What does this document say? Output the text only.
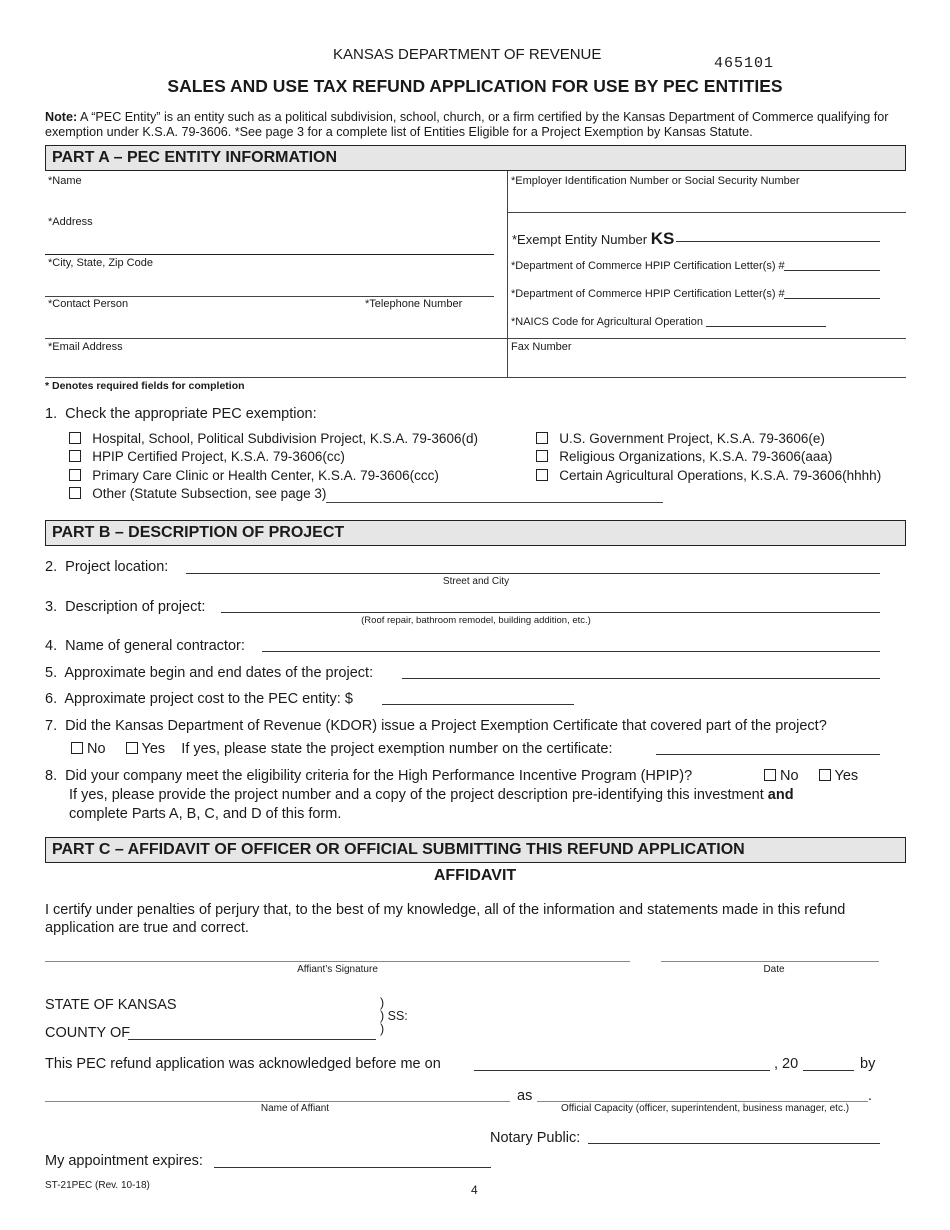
KANSAS DEPARTMENT OF REVENUE
465101
SALES AND USE TAX REFUND APPLICATION FOR USE BY PEC ENTITIES
Note: A “PEC Entity” is an entity such as a political subdivision, school, church, or a firm certified by the Kansas Department of Commerce qualifying for exemption under K.S.A. 79-3606. *See page 3 for a complete list of Entities Eligible for a Project Exemption by Kansas Statute.
PART A – PEC ENTITY INFORMATION
*Name	*Employer Identification Number or Social Security Number
*Address
*Exempt Entity Number KS
*City, State, Zip Code	*Department of Commerce HPIP Certification Letter(s) #
*Department of Commerce HPIP Certification Letter(s) #
*Contact Person	*Telephone Number
*NAICS Code for Agricultural Operation
*Email Address	Fax Number
* Denotes required fields for completion
1. Check the appropriate PEC exemption:
Hospital, School, Political Subdivision Project, K.S.A. 79-3606(d)
HPIP Certified Project, K.S.A. 79-3606(cc)
Primary Care Clinic or Health Center, K.S.A. 79-3606(ccc)
Other (Statute Subsection, see page 3)
U.S. Government Project, K.S.A. 79-3606(e)
Religious Organizations, K.S.A. 79-3606(aaa)
Certain Agricultural Operations, K.S.A. 79-3606(hhhh)
PART B – DESCRIPTION OF PROJECT
2. Project location:
Street and City
3. Description of project:
(Roof repair, bathroom remodel, building addition, etc.)
4. Name of general contractor:
5. Approximate begin and end dates of the project:
6. Approximate project cost to the PEC entity: $
7. Did the Kansas Department of Revenue (KDOR) issue a Project Exemption Certificate that covered part of the project?
No Yes If yes, please state the project exemption number on the certificate:
8. Did your company meet the eligibility criteria for the High Performance Incentive Program (HPIP)?	No Yes
If yes, please provide the project number and a copy of the project description pre-identifying this investment and
complete Parts A, B, C, and D of this form.
PART C – AFFIDAVIT OF OFFICER OR OFFICIAL SUBMITTING THIS REFUND APPLICATION
AFFIDAVIT
I certify under penalties of perjury that, to the best of my knowledge, all of the information and statements made in this refund application are true and correct.
Affiant’s Signature	Date
STATE OF KANSAS	)
) SS:
)
COUNTY OF
This PEC refund application was acknowledged before me on	, 20	by
Name of Affiant
as	.
Official Capacity (officer, superintendent, business manager, etc.)
Notary Public:
My appointment expires:
ST-21PEC (Rev. 10-18)	4
